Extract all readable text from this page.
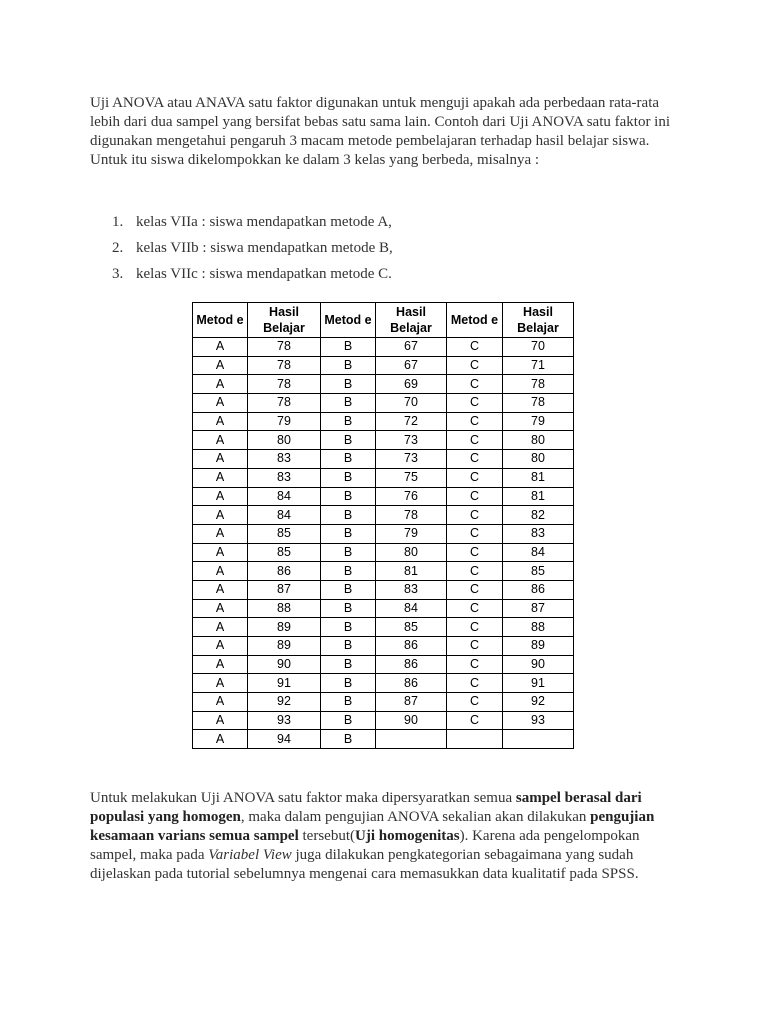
Uji ANOVA atau ANAVA satu faktor digunakan untuk menguji apakah ada perbedaan rata-rata lebih dari dua sampel yang bersifat bebas satu sama lain. Contoh dari Uji ANOVA satu faktor ini digunakan mengetahui pengaruh 3 macam metode pembelajaran terhadap hasil belajar siswa. Untuk itu siswa dikelompokkan ke dalam 3 kelas yang berbeda, misalnya :

1. kelas VIIa : siswa mendapatkan metode A,
2. kelas VIIb : siswa mendapatkan metode B,
3. kelas VIIc : siswa mendapatkan metode C.
Metod e	Hasil Belajar	Metod e	Hasil Belajar	Metod e	Hasil Belajar
A	78	B	67	C	70
A	78	B	67	C	71
A	78	B	69	C	78
A	78	B	70	C	78
A	79	B	72	C	79
A	80	B	73	C	80
A	83	B	73	C	80
A	83	B	75	C	81
A	84	B	76	C	81
A	84	B	78	C	82
A	85	B	79	C	83
A	85	B	80	C	84
A	86	B	81	C	85
A	87	B	83	C	86
A	88	B	84	C	87
A	89	B	85	C	88
A	89	B	86	C	89
A	90	B	86	C	90
A	91	B	86	C	91
A	92	B	87	C	92
A	93	B	90	C	93
A	94	B			

Untuk melakukan Uji ANOVA satu faktor maka dipersyaratkan semua sampel berasal dari populasi yang homogen, maka dalam pengujian ANOVA sekalian akan dilakukan pengujian kesamaan varians semua sampel tersebut(Uji homogenitas). Karena ada pengelompokan sampel, maka pada Variabel View juga dilakukan pengkategorian sebagaimana yang sudah dijelaskan pada tutorial sebelumnya mengenai cara memasukkan data kualitatif pada SPSS.
